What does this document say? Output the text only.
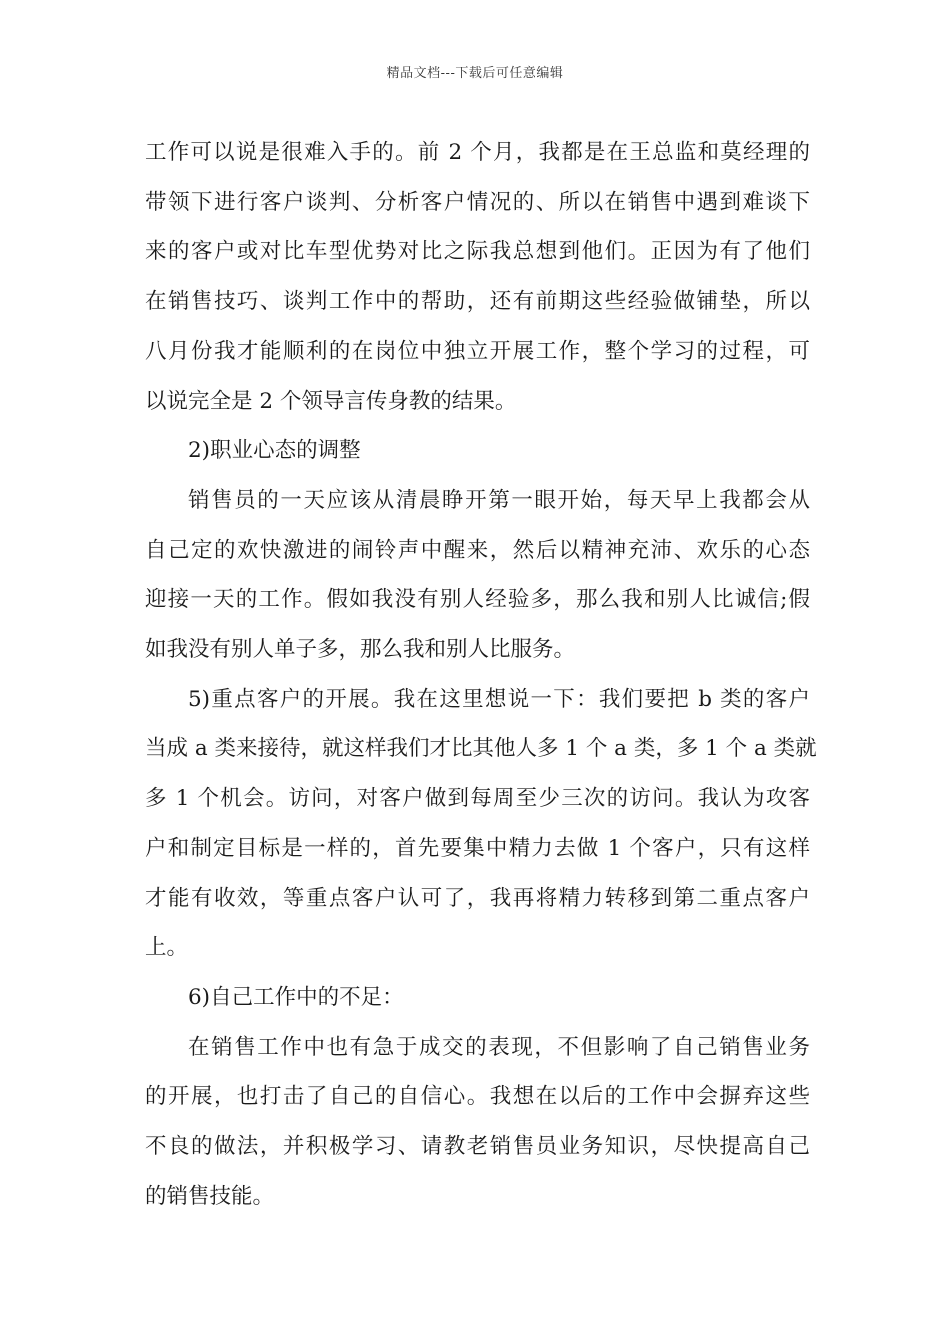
精品文档---下载后可任意编辑

工作可以说是很难入手的。前 2 个月，我都是在王总监和莫经理的
带领下进行客户谈判、分析客户情况的、所以在销售中遇到难谈下
来的客户或对比车型优势对比之际我总想到他们。正因为有了他们
在销售技巧、谈判工作中的帮助，还有前期这些经验做铺垫，所以
八月份我才能顺利的在岗位中独立开展工作，整个学习的过程，可
以说完全是 2 个领导言传身教的结果。

2)职业心态的调整

销售员的一天应该从清晨睁开第一眼开始，每天早上我都会从
自己定的欢快激进的闹铃声中醒来，然后以精神充沛、欢乐的心态
迎接一天的工作。假如我没有别人经验多，那么我和别人比诚信;假
如我没有别人单子多，那么我和别人比服务。

5)重点客户的开展。我在这里想说一下：我们要把 b 类的客户
当成 a 类来接待，就这样我们才比其他人多 1 个 a 类，多 1 个 a 类就
多 1 个机会。访问，对客户做到每周至少三次的访问。我认为攻客
户和制定目标是一样的，首先要集中精力去做 1 个客户，只有这样
才能有收效，等重点客户认可了，我再将精力转移到第二重点客户
上。

6)自己工作中的不足：

在销售工作中也有急于成交的表现，不但影响了自己销售业务
的开展，也打击了自己的自信心。我想在以后的工作中会摒弃这些
不良的做法，并积极学习、请教老销售员业务知识，尽快提高自己
的销售技能。
